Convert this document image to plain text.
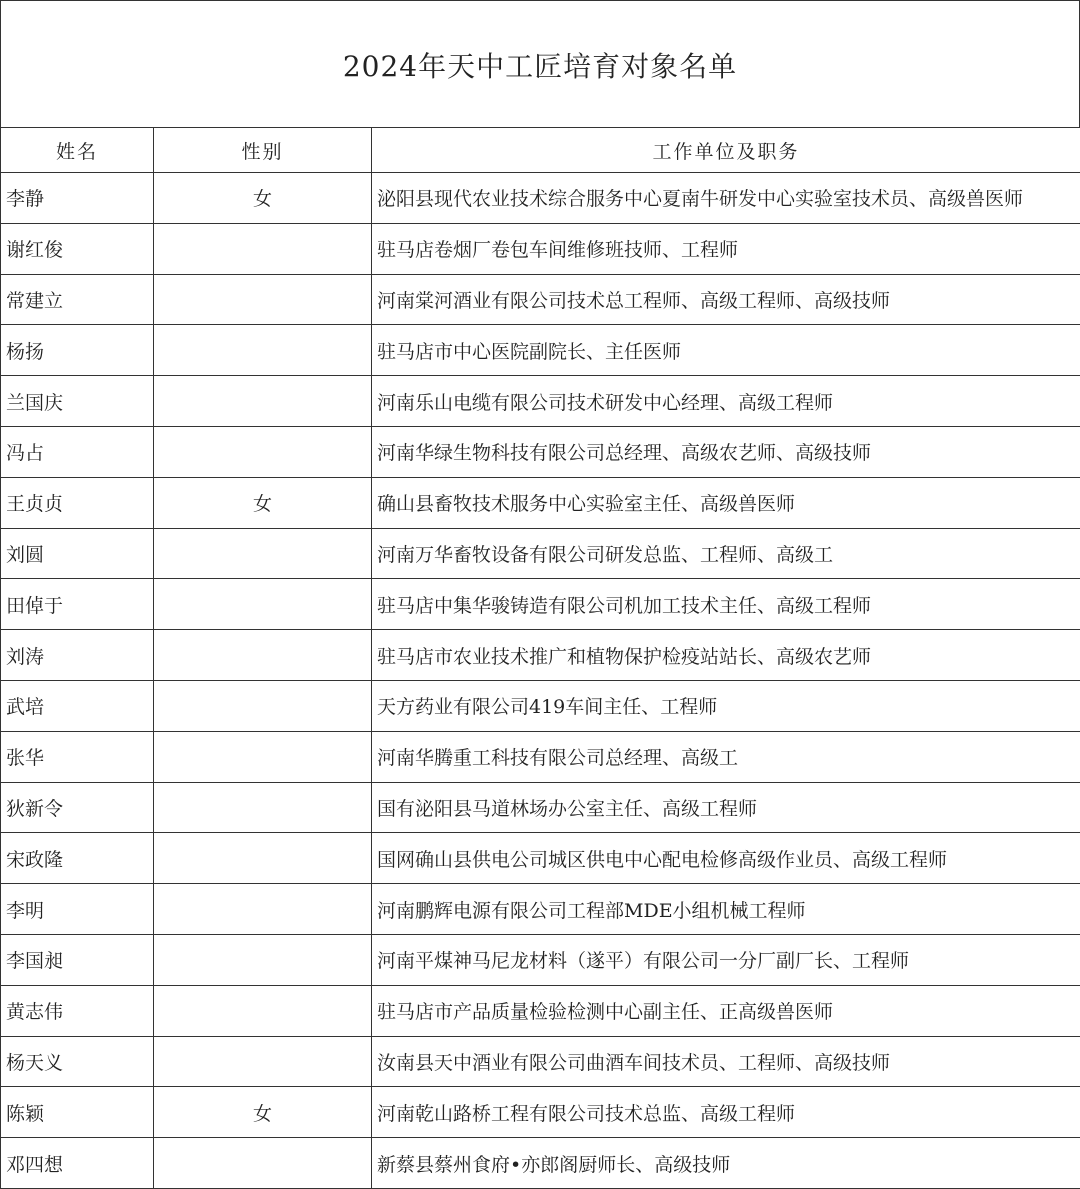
2024年天中工匠培育对象名单
姓名	性别	工作单位及职务
李静	女	泌阳县现代农业技术综合服务中心夏南牛研发中心实验室技术员、高级兽医师
谢红俊		驻马店卷烟厂卷包车间维修班技师、工程师
常建立		河南棠河酒业有限公司技术总工程师、高级工程师、高级技师
杨扬		驻马店市中心医院副院长、主任医师
兰国庆		河南乐山电缆有限公司技术研发中心经理、高级工程师
冯占		河南华绿生物科技有限公司总经理、高级农艺师、高级技师
王贞贞	女	确山县畜牧技术服务中心实验室主任、高级兽医师
刘圆		河南万华畜牧设备有限公司研发总监、工程师、高级工
田倬于		驻马店中集华骏铸造有限公司机加工技术主任、高级工程师
刘涛		驻马店市农业技术推广和植物保护检疫站站长、高级农艺师
武培		天方药业有限公司419车间主任、工程师
张华		河南华腾重工科技有限公司总经理、高级工
狄新令		国有泌阳县马道林场办公室主任、高级工程师
宋政隆		国网确山县供电公司城区供电中心配电检修高级作业员、高级工程师
李明		河南鹏辉电源有限公司工程部MDE小组机械工程师
李国昶		河南平煤神马尼龙材料（遂平）有限公司一分厂副厂长、工程师
黄志伟		驻马店市产品质量检验检测中心副主任、正高级兽医师
杨天义		汝南县天中酒业有限公司曲酒车间技术员、工程师、高级技师
陈颖	女	河南乾山路桥工程有限公司技术总监、高级工程师
邓四想		新蔡县蔡州食府•亦郎阁厨师长、高级技师
